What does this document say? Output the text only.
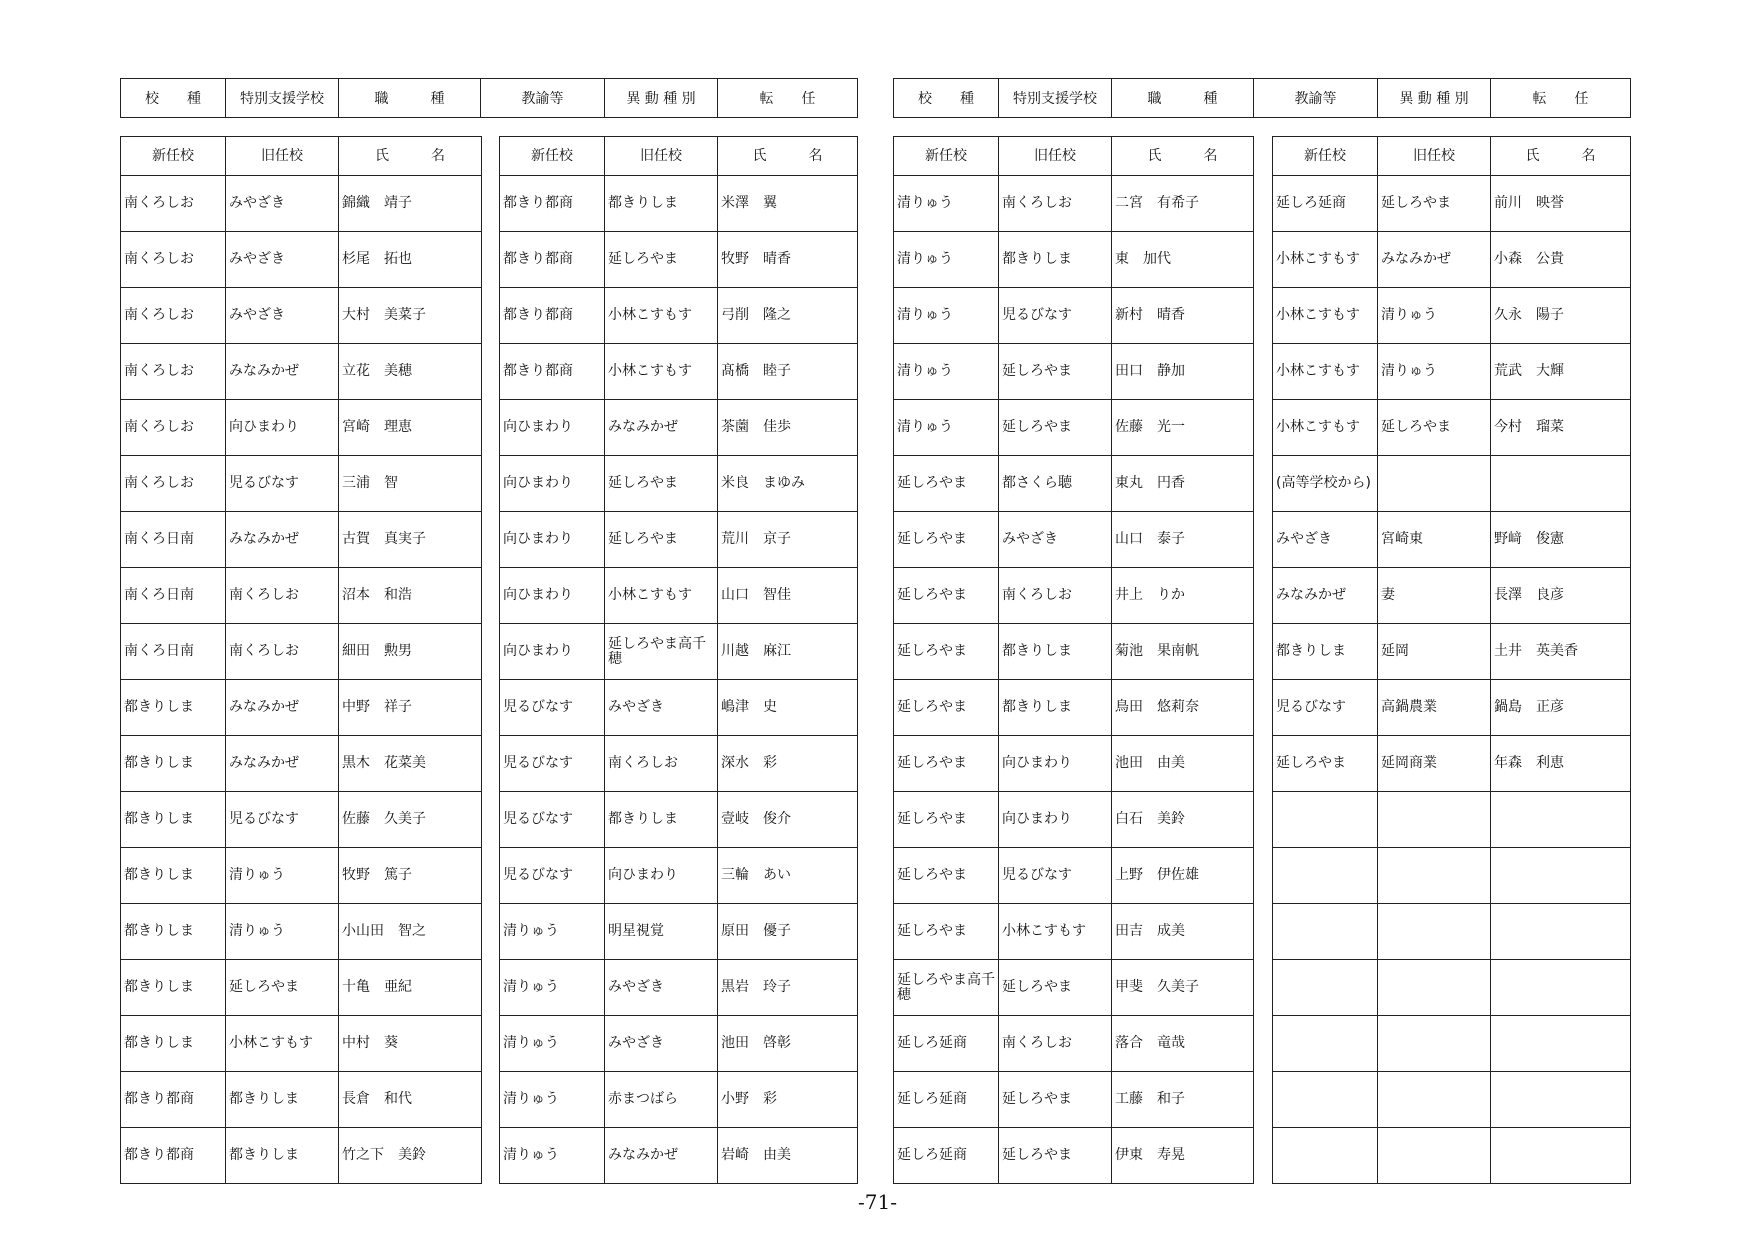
校　　種	特別支援学校	職　　　種	教諭等	異 動 種 別	転　　任	校　　種	特別支援学校	職　　　種	教諭等	異 動 種 別	転　　任
新任校	旧任校	氏　　　名
南くろしお	みやざき	錦織　靖子
南くろしお	みやざき	杉尾　拓也
南くろしお	みやざき	大村　美菜子
南くろしお	みなみかぜ	立花　美穂
南くろしお	向ひまわり	宮崎　理恵
南くろしお	児るびなす	三浦　智
南くろ日南	みなみかぜ	古賀　真実子
南くろ日南	南くろしお	沼本　和浩
南くろ日南	南くろしお	細田　勲男
都きりしま	みなみかぜ	中野　祥子
都きりしま	みなみかぜ	黒木　花菜美
都きりしま	児るびなす	佐藤　久美子
都きりしま	清りゅう	牧野　篤子
都きりしま	清りゅう	小山田　智之
都きりしま	延しろやま	十亀　亜紀
都きりしま	小林こすもす	中村　葵
都きり都商	都きりしま	長倉　和代
都きり都商	都きりしま	竹之下　美鈴
新任校	旧任校	氏　　　名
都きり都商	都きりしま	米澤　翼
都きり都商	延しろやま	牧野　晴香
都きり都商	小林こすもす	弓削　隆之
都きり都商	小林こすもす	髙橋　睦子
向ひまわり	みなみかぜ	茶薗　佳歩
向ひまわり	延しろやま	米良　まゆみ
向ひまわり	延しろやま	荒川　京子
向ひまわり	小林こすもす	山口　智佳
向ひまわり	延しろやま高千穂	川越　麻江
児るびなす	みやざき	嶋津　史
児るびなす	南くろしお	深水　彩
児るびなす	都きりしま	壹岐　俊介
児るびなす	向ひまわり	三輪　あい
清りゅう	明星視覚	原田　優子
清りゅう	みやざき	黒岩　玲子
清りゅう	みやざき	池田　啓彰
清りゅう	赤まつばら	小野　彩
清りゅう	みなみかぜ	岩崎　由美
新任校	旧任校	氏　　　名
清りゅう	南くろしお	二宮　有希子
清りゅう	都きりしま	東　加代
清りゅう	児るびなす	新村　晴香
清りゅう	延しろやま	田口　静加
清りゅう	延しろやま	佐藤　光一
延しろやま	都さくら聴	東丸　円香
延しろやま	みやざき	山口　泰子
延しろやま	南くろしお	井上　りか
延しろやま	都きりしま	菊池　果南帆
延しろやま	都きりしま	鳥田　悠莉奈
延しろやま	向ひまわり	池田　由美
延しろやま	向ひまわり	白石　美鈴
延しろやま	児るびなす	上野　伊佐雄
延しろやま	小林こすもす	田吉　成美
延しろやま高千穂	延しろやま	甲斐　久美子
延しろ延商	南くろしお	落合　竜哉
延しろ延商	延しろやま	工藤　和子
延しろ延商	延しろやま	伊東　寿晃
新任校	旧任校	氏　　　名
延しろ延商	延しろやま	前川　映誉
小林こすもす	みなみかぜ	小森　公貴
小林こすもす	清りゅう	久永　陽子
小林こすもす	清りゅう	荒武　大輝
小林こすもす	延しろやま	今村　瑠菜
(高等学校から)		
みやざき	宮崎東	野﨑　俊憲
みなみかぜ	妻	長澤　良彦
都きりしま	延岡	土井　英美香
児るびなす	高鍋農業	鍋島　正彦
延しろやま	延岡商業	年森　利恵

-71-
